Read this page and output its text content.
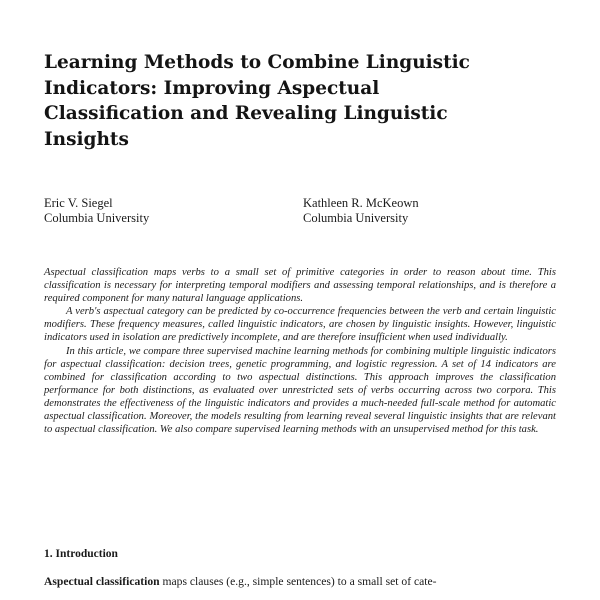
Learning Methods to Combine Linguistic Indicators: Improving Aspectual Classification and Revealing Linguistic Insights
Eric V. Siegel
Columbia University
Kathleen R. McKeown
Columbia University

Aspectual classification maps verbs to a small set of primitive categories in order to reason about time. This classification is necessary for interpreting temporal modifiers and assessing temporal relationships, and is therefore a required component for many natural language applications.

A verb's aspectual category can be predicted by co-occurrence frequencies between the verb and certain linguistic modifiers. These frequency measures, called linguistic indicators, are chosen by linguistic insights. However, linguistic indicators used in isolation are predictively incomplete, and are therefore insufficient when used individually.

In this article, we compare three supervised machine learning methods for combining multiple linguistic indicators for aspectual classification: decision trees, genetic programming, and logistic regression. A set of 14 indicators are combined for classification according to two aspectual distinctions. This approach improves the classification performance for both distinctions, as evaluated over unrestricted sets of verbs occurring across two corpora. This demonstrates the effectiveness of the linguistic indicators and provides a much-needed full-scale method for automatic aspectual classification. Moreover, the models resulting from learning reveal several linguistic insights that are relevant to aspectual classification. We also compare supervised learning methods with an unsupervised method for this task.

1. Introduction

Aspectual classification maps clauses (e.g., simple sentences) to a small set of cate-
